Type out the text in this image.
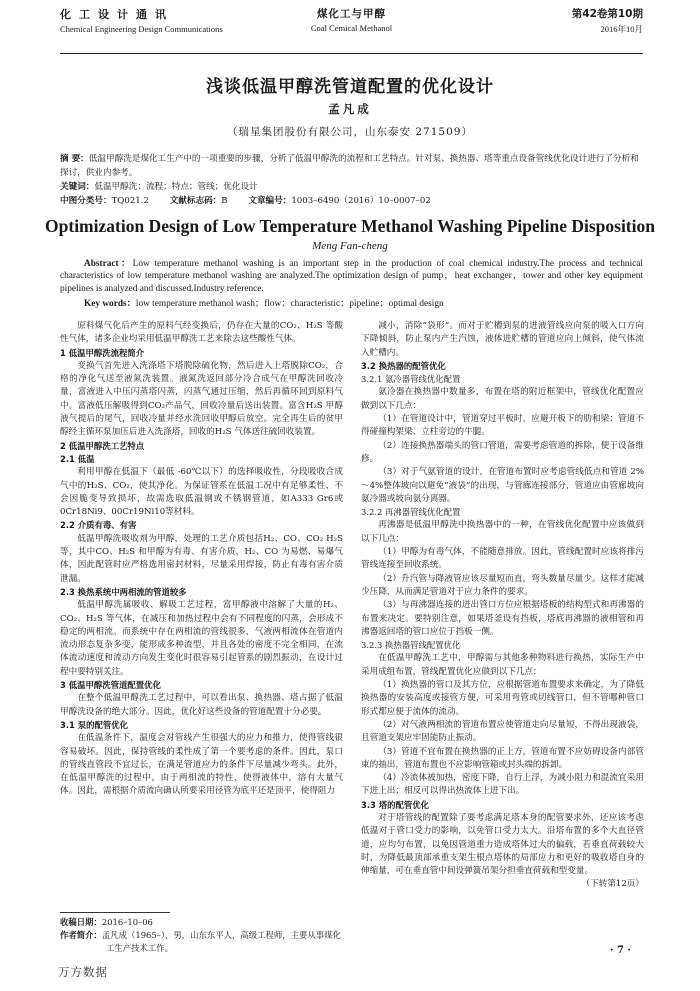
化工设计通讯
Chemical Engineering Design Communications
煤化工与甲醇
Coal Cemical Methanol
第42卷第10期
2016年10月
浅谈低温甲醇洗管道配置的优化设计
孟凡成
（瑞星集团股份有限公司，山东泰安 271509）
摘 要：低温甲醇洗是煤化工生产中的一项重要的步骤，分析了低温甲醇洗的流程和工艺特点。针对泵、换热器、塔等重点设备管线优化设计进行了分析和探讨，供业内参考。
关键词：低温甲醇洗；流程；特点；管线；优化设计
中图分类号：TQ021.2 文献标志码：B 文章编号：1003–6490（2016）10–0007–02
Optimization Design of Low Temperature Methanol Washing Pipeline Disposition
Meng Fan-cheng
Abstract：Low temperature methanol washing is an important step in the production of coal chemical industry.The process and technical characteristics of low temperature methanol washing are analyzed.The optimization design of pump，heat exchanger，tower and other key equipment pipelines is analyzed and discussed.Industry reference.
Key words：low temperature methanol wash；flow；characteristic；pipeline；optimal design

原料煤气化后产生的原料气经变换后，仍存在大量的CO₂、H₂S 等酸性气体，诸多企业均采用低温甲醇洗工艺来除去这些酸性气体。

1 低温甲醇洗流程简介

变换气首先进入洗涤塔下塔脱除硫化物，然后进入上塔脱除CO₂，合格的净化气送至液氮洗装置。液氮洗返回部分冷合成气在甲醇洗回收冷量，富液进入中压闪蒸塔闪蒸，闪蒸气通过压缩，然后再循环回到原料气中。富液低压解吸得到CO₂产品气，回收冷量后送出装置。富含H₂S 甲醇液气提后的尾气，回收冷量并经水洗回收甲醇后放空。完全再生后的贫甲醇经主循环泵加压后进入洗涤塔，回收的H₂S 气体送往硫回收装置。

2 低温甲醇洗工艺特点
2.1 低温

利用甲醇在低温下（最低 -60℃以下）的选择吸收性，分段吸收合成气中的H₂S、CO₂，使其净化。为保证管系在低温工况中有足够柔性、不会因脆变导致损坏，故需选取低温钢或不锈钢管道，如A333 Gr6或0Cr18Ni9、00Cr19Ni10等材料。

2.2 介质有毒、有害

低温甲醇洗吸收剂为甲醇，处理的工艺介质包括H₂、CO、CO₂ H₂S 等，其中CO、H₂S 和甲醇为有毒、有害介质，H₂、CO 为易燃、易爆气体，因此配管时应严格选用密封材料，尽量采用焊接，防止有毒有害介质泄漏。

2.3 换热系统中两相流的管道较多

低温甲醇洗属吸收、解吸工艺过程，富甲醇液中溶解了大量的H₂、CO₂、H₂S 等气体，在减压和加热过程中会有不同程度的闪蒸，会形成不稳定的两相流。而系统中存在两相流的管线很多，气液两相流体在管道内流动形态复杂多变，能形成多种流型，并且各处的密度不完全相同，在流体流动速度和流动方向发生变化时很容易引起管系的剧烈振动，在设计过程中要特别关注。

3 低温甲醇洗管道配置优化

在整个低温甲醇洗工艺过程中，可以看出泵、换热器、塔占据了低温甲醇洗设备的绝大部分。因此，优化好这些设备的管道配置十分必要。

3.1 泵的配管优化

在低温条件下，温度会对管线产生很强大的应力和推力，使得管线很容易破坏。因此，保持管线的柔性成了第一个要考虑的条件。因此，泵口的管线直管段不宜过长，在满足管道应力的条件下尽量减少弯头。此外，在低温甲醇洗的过程中，由于两相流的特性，使得液体中，溶有大量气体。因此，需根据介质流向确认所要采用径管为底平还是顶平，使得阻力

减小，消除“袋形”。而对于贮槽到泵的进液管线应向泵的吸入口方向下降倾斜，防止泵内产生汽蚀，液体进贮槽的管道应向上倾斜，使气体流入贮槽内。

3.2 换热器的配管优化
3.2.1 氨冷器管线优化配置

氨冷器在换热器中数量多，布置在塔的附近框架中，管线优化配置应做到以下几点：

（1）在管道设计中，管道穿过平板时，应避开板下的肋和梁；管道不得碰撞构架梁、立柱旁边的牛腿。

（2）连接换热器端头的管口管道，需要考虑管道的拆除，便于设备维修。

（3）对于气氨管道的设计，在管道布置时应考虑管线低点和管道 2%～4%整体坡向以避免“液袋”的出现，与管廊连接部分，管道应由管廊坡向氨冷器或坡向氨分离器。

3.2.2 再沸器管线优化配置

再沸器是低温甲醇洗中换热器中的一种，在管线优化配置中应该做到以下几点：

（1）甲醇为有毒气体，不能随意排放。因此，管线配置时应该将排污管线连接至回收系统。

（2）升汽管与降液管应该尽量短而直，弯头数量尽量少。这样才能减少压降，从而满足管道对于应力条件的要求。

（3）与再沸器连接的进出管口方位应根据塔板的结构型式和再沸器的布置来决定。要特别注意，如果塔釜设有挡板，塔底再沸器的液相管和再沸器返回塔的管口应位于挡板一侧。

3.2.3 换热器管线配置优化

在低温甲醇洗工艺中，甲醇需与其他多种物料进行换热，实际生产中采用成组布置，管线配置优化应做到以下几点：

（1）换热器的管口及其方位，应根据管道布置要求来确定，为了降低换热器的安装高度或接管方便，可采用弯管或切线管口，但不管哪种管口形式都应便于流体的流动。

（2）对气液两相流的管道布置应使管道走向尽量短，不得出现液袋，且管道支架应牢固能防止振动。

（3）管道不宜布置在换热器的正上方，管道布置不应妨碍设备内部管束的抽出，管道布置也不应影响管箱或封头端的拆卸。

（4）冷流体被加热，密度下降，自行上浮，为减小阻力和混流宜采用下进上出；相反可以得出热流体上进下出。

3.3 塔的配管优化

对于塔管线的配置除了要考虑满足塔本身的配管要求外，还应该考虑低温对于管口受力的影响，以免管口受力太大。沿塔布置的多个大直径管道，应均匀布置，以免因管道重力造成塔体过大的偏载，若垂直荷载较大时，为降低最顶部承重支架生根点塔体的局部应力和更好的吸收塔自身的伸缩量，可在垂直管中间设弹簧吊架分担垂直荷载和型变量。

（下转第12页）
收稿日期：2016–10–06
作者简介：孟凡成（1965–），男，山东东平人，高级工程师，主要从事煤化工生产技术工作。	· 7 ·
万方数据
